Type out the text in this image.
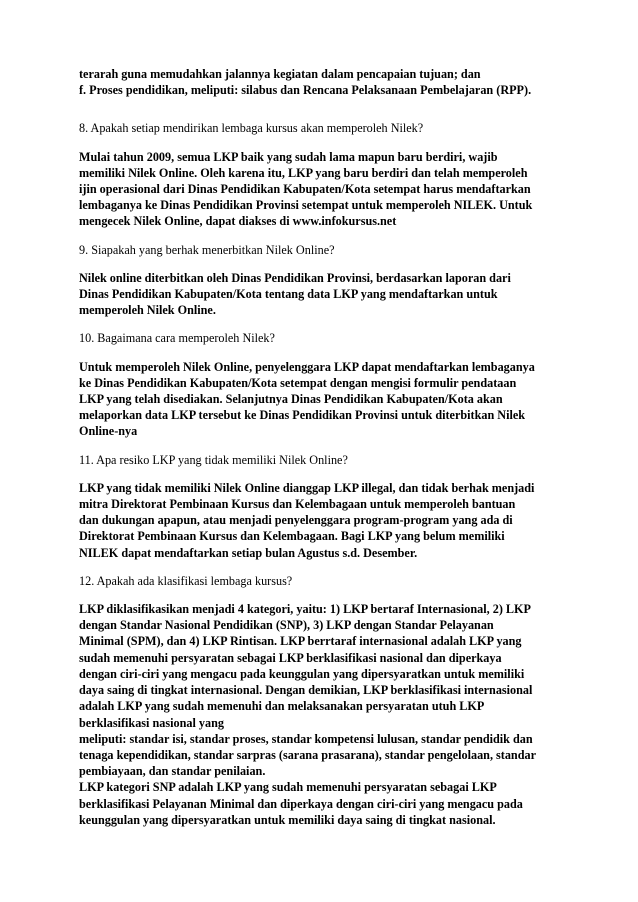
terarah guna memudahkan jalannya kegiatan dalam pencapaian tujuan; dan
f. Proses pendidikan, meliputi: silabus dan Rencana Pelaksanaan Pembelajaran (RPP).
8. Apakah setiap mendirikan lembaga kursus akan memperoleh Nilek?
Mulai tahun 2009, semua LKP baik yang sudah lama mapun baru berdiri, wajib
memiliki Nilek Online. Oleh karena itu, LKP yang baru berdiri dan telah memperoleh
ijin operasional dari Dinas Pendidikan Kabupaten/Kota setempat harus mendaftarkan
lembaganya ke Dinas Pendidikan Provinsi setempat untuk memperoleh NILEK. Untuk
mengecek Nilek Online, dapat diakses di www.infokursus.net
9. Siapakah yang berhak menerbitkan Nilek Online?
Nilek online diterbitkan oleh Dinas Pendidikan Provinsi, berdasarkan laporan dari
Dinas Pendidikan Kabupaten/Kota tentang data LKP yang mendaftarkan untuk
memperoleh Nilek Online.
10. Bagaimana cara memperoleh Nilek?
Untuk memperoleh Nilek Online, penyelenggara LKP dapat mendaftarkan lembaganya
ke Dinas Pendidikan Kabupaten/Kota setempat dengan mengisi formulir pendataan
LKP yang telah disediakan. Selanjutnya Dinas Pendidikan Kabupaten/Kota akan
melaporkan data LKP tersebut ke Dinas Pendidikan Provinsi untuk diterbitkan Nilek
Online-nya
11. Apa resiko LKP yang tidak memiliki Nilek Online?
LKP yang tidak memiliki Nilek Online dianggap LKP illegal, dan tidak berhak menjadi
mitra Direktorat Pembinaan Kursus dan Kelembagaan untuk memperoleh bantuan
dan dukungan apapun, atau menjadi penyelenggara program-program yang ada di
Direktorat Pembinaan Kursus dan Kelembagaan. Bagi LKP yang belum memiliki
NILEK dapat mendaftarkan setiap bulan Agustus s.d. Desember.
12. Apakah ada klasifikasi lembaga kursus?
LKP diklasifikasikan menjadi 4 kategori, yaitu: 1) LKP bertaraf Internasional, 2) LKP
dengan Standar Nasional Pendidikan (SNP), 3) LKP dengan Standar Pelayanan
Minimal (SPM), dan 4) LKP Rintisan. LKP berrtaraf internasional adalah LKP yang
sudah memenuhi persyaratan sebagai LKP berklasifikasi nasional dan diperkaya
dengan ciri-ciri yang mengacu pada keunggulan yang dipersyaratkan untuk memiliki
daya saing di tingkat internasional. Dengan demikian, LKP berklasifikasi internasional
adalah LKP yang sudah memenuhi dan melaksanakan persyaratan utuh LKP
berklasifikasi nasional yang
meliputi: standar isi, standar proses, standar kompetensi lulusan, standar pendidik dan
tenaga kependidikan, standar sarpras (sarana prasarana), standar pengelolaan, standar
pembiayaan, dan standar penilaian.
LKP kategori SNP adalah LKP yang sudah memenuhi persyaratan sebagai LKP
berklasifikasi Pelayanan Minimal dan diperkaya dengan ciri-ciri yang mengacu pada
keunggulan yang dipersyaratkan untuk memiliki daya saing di tingkat nasional.
